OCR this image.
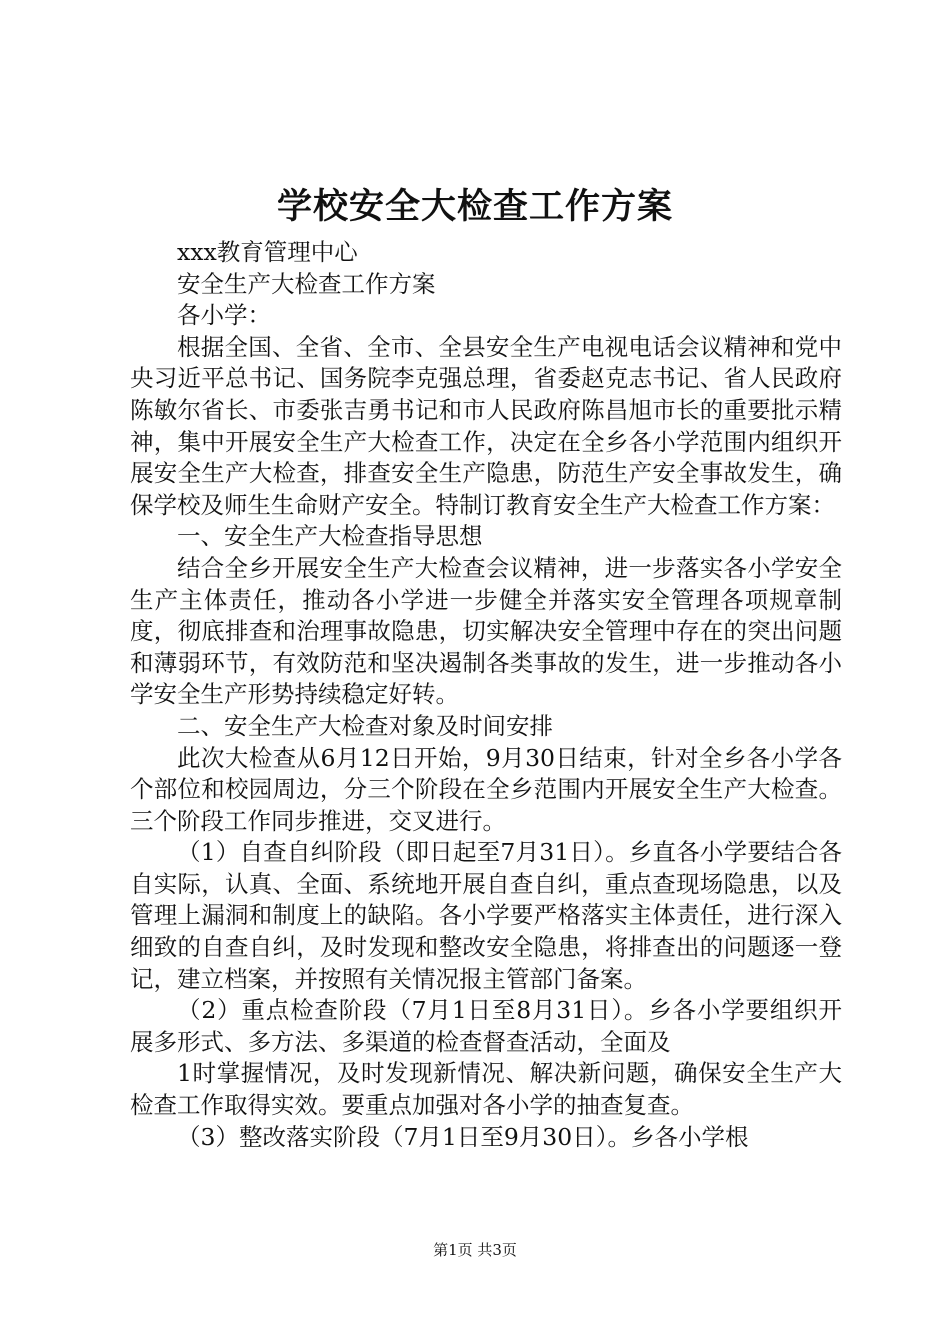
学校安全大检查工作方案

xxx教育管理中心

安全生产大检查工作方案

各小学：

根据全国、全省、全市、全县安全生产电视电话会议精神和党中央习近平总书记、国务院李克强总理，省委赵克志书记、省人民政府陈敏尔省长、市委张吉勇书记和市人民政府陈昌旭市长的重要批示精神，集中开展安全生产大检查工作，决定在全乡各小学范围内组织开展安全生产大检查，排查安全生产隐患，防范生产安全事故发生，确保学校及师生生命财产安全。特制订教育安全生产大检查工作方案：

一、安全生产大检查指导思想

结合全乡开展安全生产大检查会议精神，进一步落实各小学安全生产主体责任，推动各小学进一步健全并落实安全管理各项规章制度，彻底排查和治理事故隐患，切实解决安全管理中存在的突出问题和薄弱环节，有效防范和坚决遏制各类事故的发生，进一步推动各小学安全生产形势持续稳定好转。

二、安全生产大检查对象及时间安排

此次大检查从6月12日开始，9月30日结束，针对全乡各小学各个部位和校园周边，分三个阶段在全乡范围内开展安全生产大检查。三个阶段工作同步推进，交叉进行。

（1）自查自纠阶段（即日起至7月31日）。乡直各小学要结合各自实际，认真、全面、系统地开展自查自纠，重点查现场隐患，以及管理上漏洞和制度上的缺陷。各小学要严格落实主体责任，进行深入细致的自查自纠，及时发现和整改安全隐患，将排查出的问题逐一登记，建立档案，并按照有关情况报主管部门备案。

（2）重点检查阶段（7月1日至8月31日）。乡各小学要组织开展多形式、多方法、多渠道的检查督查活动，全面及

1时掌握情况，及时发现新情况、解决新问题，确保安全生产大检查工作取得实效。要重点加强对各小学的抽查复查。

（3）整改落实阶段（7月1日至9月30日）。乡各小学根

第1页 共3页
